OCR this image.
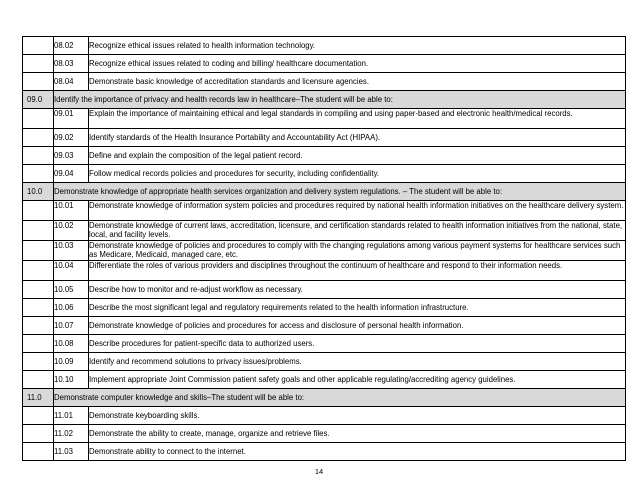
	08.02	Recognize ethical issues related to health information technology.
	08.03	Recognize ethical issues related to coding and billing/ healthcare documentation.
	08.04	Demonstrate basic knowledge of accreditation standards and licensure agencies.
09.0	Identify the importance of privacy and health records law in healthcare–The student will be able to:	
	09.01	Explain the importance of maintaining ethical and legal standards in compiling and using paper-based and electronic health/medical records.
	09.02	Identify standards of the Health Insurance Portability and Accountability Act (HIPAA).
	09.03	Define and explain the composition of the legal patient record.
	09.04	Follow medical records policies and procedures for security, including confidentiality.
10.0	Demonstrate knowledge of appropriate health services organization and delivery system regulations. – The student will be able to:	
	10.01	Demonstrate knowledge of information system policies and procedures required by national health information initiatives on the healthcare delivery system.
	10.02	Demonstrate knowledge of current laws, accreditation, licensure, and certification standards related to health information initiatives from the national, state, local, and facility levels.
	10.03	Demonstrate knowledge of policies and procedures to comply with the changing regulations among various payment systems for healthcare services such as Medicare, Medicaid, managed care, etc.
	10.04	Differentiate the roles of various providers and disciplines throughout the continuum of healthcare and respond to their information needs.
	10.05	Describe how to monitor and re-adjust workflow as necessary.
	10.06	Describe the most significant legal and regulatory requirements related to the health information infrastructure.
	10.07	Demonstrate knowledge of policies and procedures for access and disclosure of personal health information.
	10.08	Describe procedures for patient-specific data to authorized users.
	10.09	Identify and recommend solutions to privacy issues/problems.
	10.10	Implement appropriate Joint Commission patient safety goals and other applicable regulating/accrediting agency guidelines.
11.0	Demonstrate computer knowledge and skills–The student will be able to:	
	11.01	Demonstrate keyboarding skills.
	11.02	Demonstrate the ability to create, manage, organize and retrieve files.
	11.03	Demonstrate ability to connect to the internet.
14
